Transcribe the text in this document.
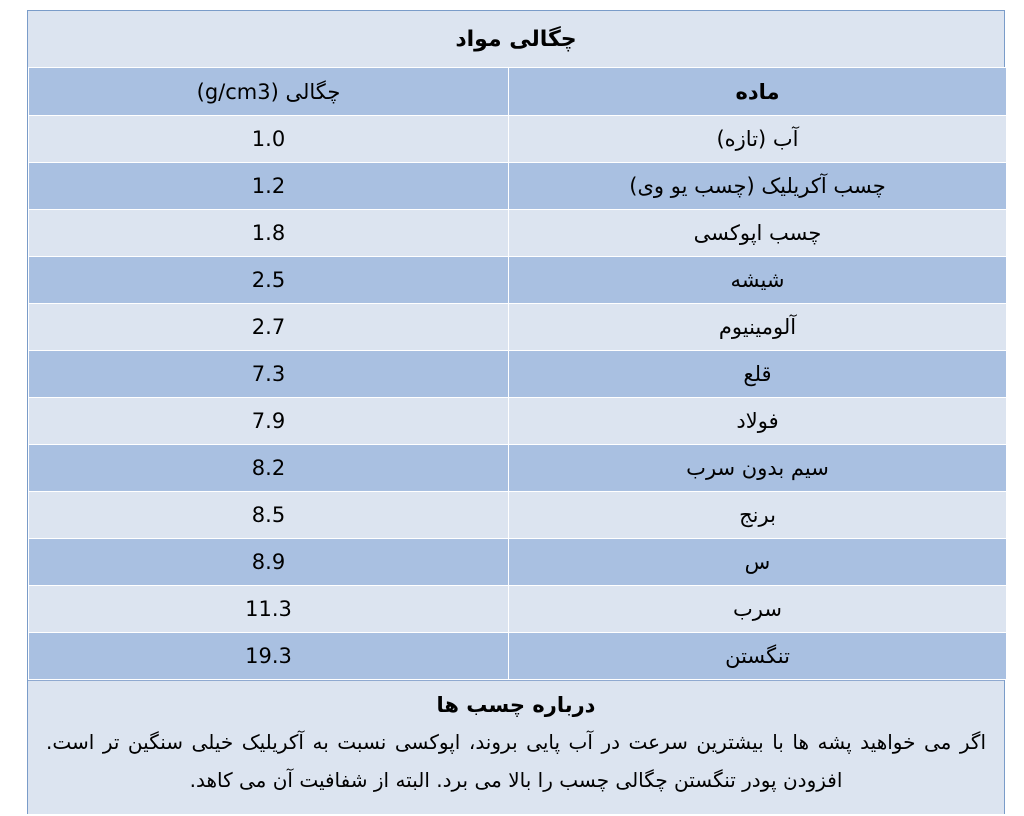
چگالی مواد
چگالی (g/cm3)	ماده
1.0	آب (تازه)
1.2	چسب آکریلیک (چسب یو وی)
1.8	چسب اپوکسی
2.5	شیشه
2.7	آلومینیوم
7.3	قلع
7.9	فولاد
8.2	سیم بدون سرب
8.5	برنج
8.9	س
11.3	سرب
19.3	تنگستن
درباره چسب ها
اگر می خواهید پشه ها با بیشترین سرعت در آب پایی بروند، اپوکسی نسبت به آکریلیک خیلی سنگین تر است. افزودن پودر تنگستن چگالی چسب را بالا می برد. البته از شفافیت آن می کاهد.
